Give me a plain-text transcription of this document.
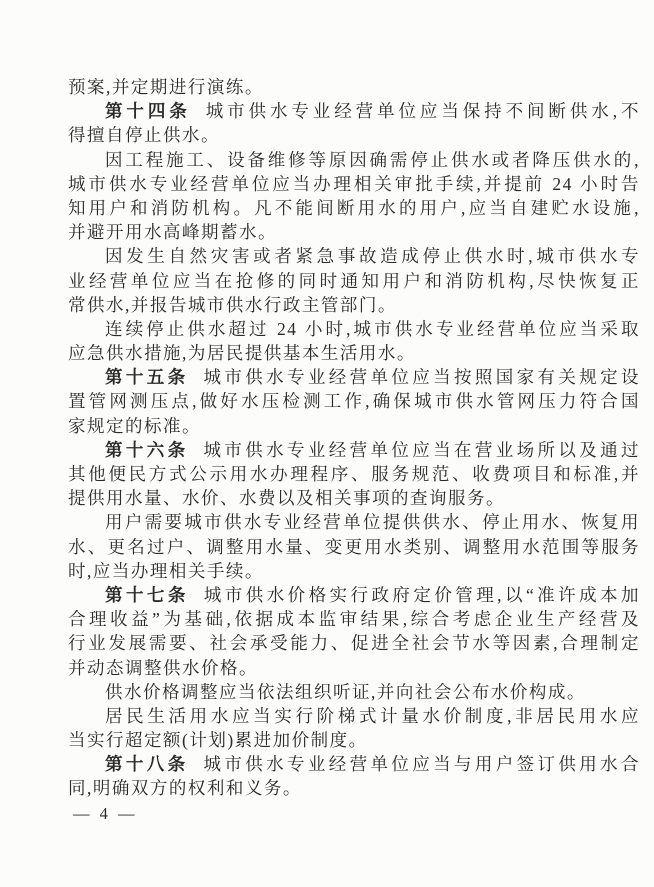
预案,并定期进行演练。
第十四条 城市供水专业经营单位应当保持不间断供水,不
得擅自停止供水。
因工程施工、设备维修等原因确需停止供水或者降压供水的,
城市供水专业经营单位应当办理相关审批手续,并提前 24 小时告
知用户和消防机构。凡不能间断用水的用户,应当自建贮水设施,
并避开用水高峰期蓄水。
因发生自然灾害或者紧急事故造成停止供水时,城市供水专
业经营单位应当在抢修的同时通知用户和消防机构,尽快恢复正
常供水,并报告城市供水行政主管部门。
连续停止供水超过 24 小时,城市供水专业经营单位应当采取
应急供水措施,为居民提供基本生活用水。
第十五条 城市供水专业经营单位应当按照国家有关规定设
置管网测压点,做好水压检测工作,确保城市供水管网压力符合国
家规定的标准。
第十六条 城市供水专业经营单位应当在营业场所以及通过
其他便民方式公示用水办理程序、服务规范、收费项目和标准,并
提供用水量、水价、水费以及相关事项的查询服务。
用户需要城市供水专业经营单位提供供水、停止用水、恢复用
水、更名过户、调整用水量、变更用水类别、调整用水范围等服务
时,应当办理相关手续。
第十七条 城市供水价格实行政府定价管理,以“准许成本加
合理收益”为基础,依据成本监审结果,综合考虑企业生产经营及
行业发展需要、社会承受能力、促进全社会节水等因素,合理制定
并动态调整供水价格。
供水价格调整应当依法组织听证,并向社会公布水价构成。
居民生活用水应当实行阶梯式计量水价制度,非居民用水应
当实行超定额(计划)累进加价制度。
第十八条 城市供水专业经营单位应当与用户签订供用水合
同,明确双方的权利和义务。
— 4 —
